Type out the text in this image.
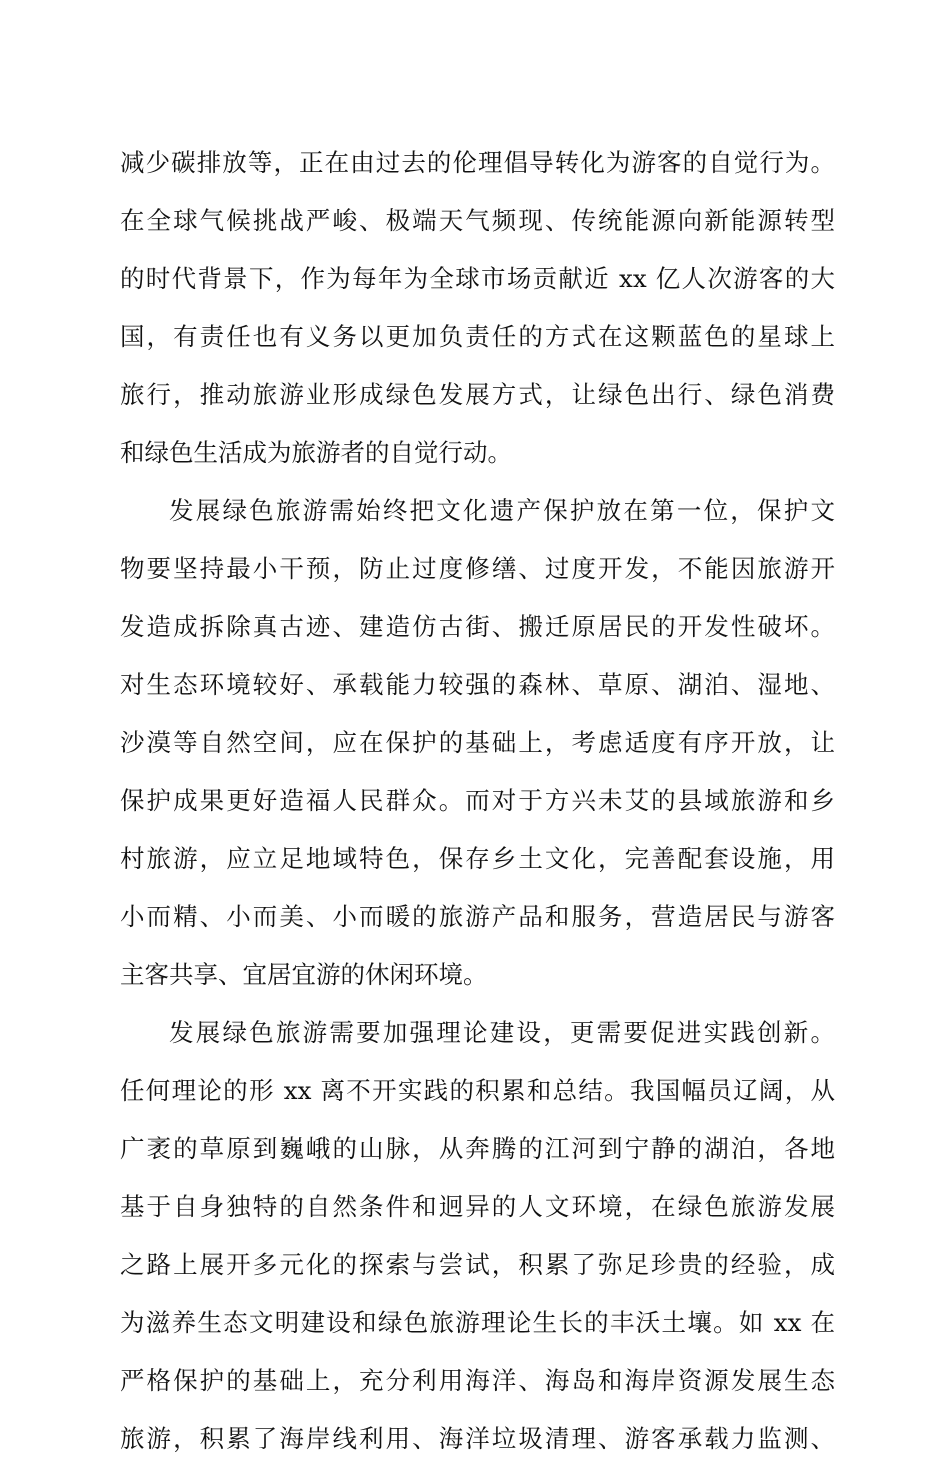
减少碳排放等，正在由过去的伦理倡导转化为游客的自觉行为。
在全球气候挑战严峻、极端天气频现、传统能源向新能源转型
的时代背景下，作为每年为全球市场贡献近 xx 亿人次游客的大
国，有责任也有义务以更加负责任的方式在这颗蓝色的星球上
旅行，推动旅游业形成绿色发展方式，让绿色出行、绿色消费
和绿色生活成为旅游者的自觉行动。
发展绿色旅游需始终把文化遗产保护放在第一位，保护文
物要坚持最小干预，防止过度修缮、过度开发，不能因旅游开
发造成拆除真古迹、建造仿古街、搬迁原居民的开发性破坏。
对生态环境较好、承载能力较强的森林、草原、湖泊、湿地、
沙漠等自然空间，应在保护的基础上，考虑适度有序开放，让
保护成果更好造福人民群众。而对于方兴未艾的县域旅游和乡
村旅游，应立足地域特色，保存乡土文化，完善配套设施，用
小而精、小而美、小而暖的旅游产品和服务，营造居民与游客
主客共享、宜居宜游的休闲环境。
发展绿色旅游需要加强理论建设，更需要促进实践创新。
任何理论的形 xx 离不开实践的积累和总结。我国幅员辽阔，从
广袤的草原到巍峨的山脉，从奔腾的江河到宁静的湖泊，各地
基于自身独特的自然条件和迥异的人文环境，在绿色旅游发展
之路上展开多元化的探索与尝试，积累了弥足珍贵的经验，成
为滋养生态文明建设和绿色旅游理论生长的丰沃土壤。如 xx 在
严格保护的基础上，充分利用海洋、海岛和海岸资源发展生态
旅游，积累了海岸线利用、海洋垃圾清理、游客承载力监测、
